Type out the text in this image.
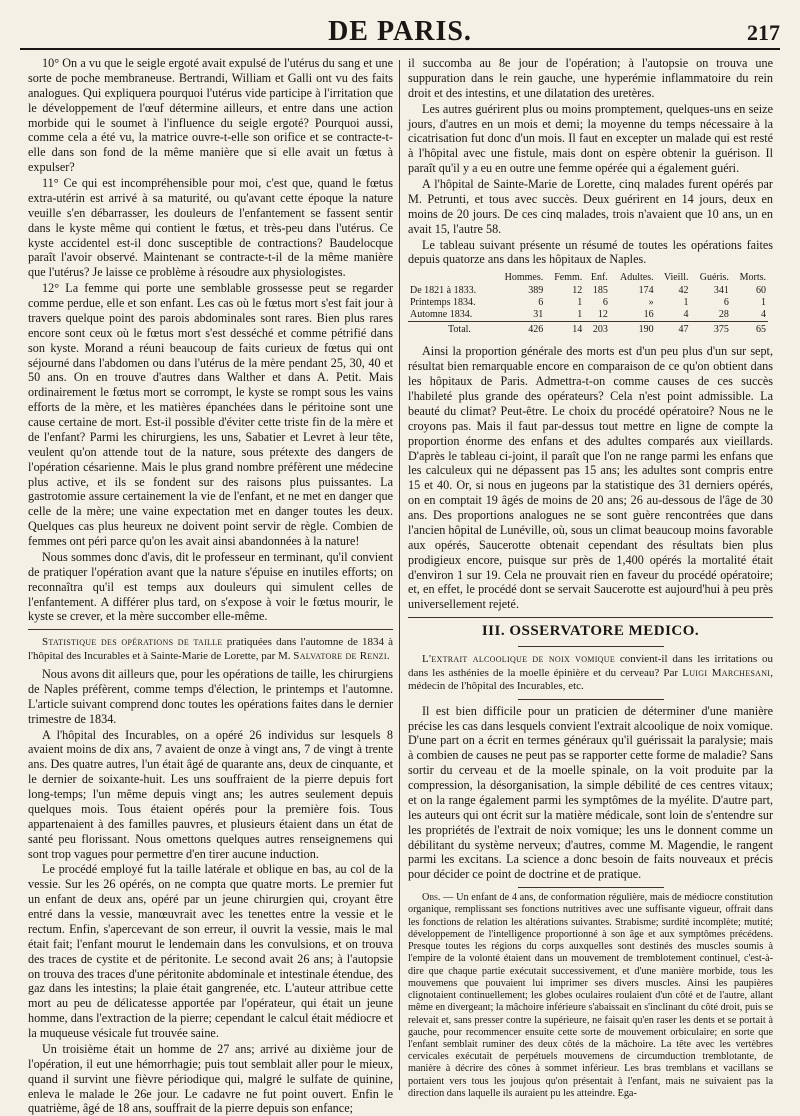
DE PARIS.	217

10° On a vu que le seigle ergoté avait expulsé de l'utérus du sang et une sorte de poche membraneuse. Bertrandi, William et Galli ont vu des faits analogues. Qui expliquera pourquoi l'utérus vide participe à l'irritation que le développement de l'œuf détermine ailleurs, et entre dans une action morbide qui le soumet à l'influence du seigle ergoté? Pourquoi aussi, comme cela a été vu, la matrice ouvre-t-elle son orifice et se contracte-t-elle dans son fond de la même manière que si elle avait un fœtus à expulser?

11° Ce qui est incompréhensible pour moi, c'est que, quand le fœtus extra-utérin est arrivé à sa maturité, ou qu'avant cette époque la nature veuille s'en débarrasser, les douleurs de l'enfantement se fassent sentir dans le kyste même qui contient le fœtus, et très-peu dans l'utérus. Ce kyste accidentel est-il donc susceptible de contractions? Baudelocque paraît l'avoir observé. Maintenant se contracte-t-il de la même manière que l'utérus? Je laisse ce problème à résoudre aux physiologistes.

12° La femme qui porte une semblable grossesse peut se regarder comme perdue, elle et son enfant. Les cas où le fœtus mort s'est fait jour à travers quelque point des parois abdominales sont rares. Bien plus rares encore sont ceux où le fœtus mort s'est desséché et comme pétrifié dans son kyste. Morand a réuni beaucoup de faits curieux de fœtus qui ont séjourné dans l'abdomen ou dans l'utérus de la mère pendant 25, 30, 40 et 50 ans. On en trouve d'autres dans Walther et dans A. Petit. Mais ordinairement le fœtus mort se corrompt, le kyste se rompt sous les vains efforts de la mère, et les matières épanchées dans le péritoine sont une cause certaine de mort. Est-il possible d'éviter cette triste fin de la mère et de l'enfant? Parmi les chirurgiens, les uns, Sabatier et Levret à leur tête, veulent qu'on attende tout de la nature, sous prétexte des dangers de l'opération césarienne. Mais le plus grand nombre préfèrent une médecine plus active, et ils se fondent sur des raisons plus puissantes. La gastrotomie assure certainement la vie de l'enfant, et ne met en danger que celle de la mère; une vaine expectation met en danger toutes les deux. Quelques cas plus heureux ne doivent point servir de règle. Combien de femmes ont péri parce qu'on les avait ainsi abandonnées à la nature!

Nous sommes donc d'avis, dit le professeur en terminant, qu'il convient de pratiquer l'opération avant que la nature s'épuise en inutiles efforts; on reconnaîtra qu'il est temps aux douleurs qui simulent celles de l'enfantement. A différer plus tard, on s'expose à voir le fœtus mourir, le kyste se crever, et la mère succomber elle-même.

Statistique des opérations de taille pratiquées dans l'automne de 1834 à l'hôpital des Incurables et à Sainte-Marie de Lorette, par M. Salvatore de Renzi.

Nous avons dit ailleurs que, pour les opérations de taille, les chirurgiens de Naples préfèrent, comme temps d'élection, le printemps et l'automne. L'article suivant comprend donc toutes les opérations faites dans le dernier trimestre de 1834.

A l'hôpital des Incurables, on a opéré 26 individus sur lesquels 8 avaient moins de dix ans, 7 avaient de onze à vingt ans, 7 de vingt à trente ans. Des quatre autres, l'un était âgé de quarante ans, deux de cinquante, et le dernier de soixante-huit. Les uns souffraient de la pierre depuis fort long-temps; l'un même depuis vingt ans; les autres seulement depuis quelques mois. Tous étaient opérés pour la première fois. Tous appartenaient à des familles pauvres, et plusieurs étaient dans un état de santé peu florissant. Nous omettons quelques autres renseignemens qui sont trop vagues pour permettre d'en tirer aucune induction.

Le procédé employé fut la taille latérale et oblique en bas, au col de la vessie. Sur les 26 opérés, on ne compta que quatre morts. Le premier fut un enfant de deux ans, opéré par un jeune chirurgien qui, croyant être entré dans la vessie, manœuvrait avec les tenettes entre la vessie et le rectum. Enfin, s'apercevant de son erreur, il ouvrit la vessie, mais le mal était fait; l'enfant mourut le lendemain dans les convulsions, et on trouva des traces de cystite et de péritonite. Le second avait 26 ans; à l'autopsie on trouva des traces d'une péritonite abdominale et intestinale étendue, des gaz dans les intestins; la plaie était gangrenée, etc. L'auteur attribue cette mort au peu de délicatesse apportée par l'opérateur, qui était un jeune homme, dans l'extraction de la pierre; cependant le calcul était médiocre et la muqueuse vésicale fut trouvée saine.

Un troisième était un homme de 27 ans; arrivé au dixième jour de l'opération, il eut une hémorrhagie; puis tout semblait aller pour le mieux, quand il survint une fièvre périodique qui, malgré le sulfate de quinine, enleva le malade le 26e jour. Le cadavre ne fut point ouvert. Enfin le quatrième, âgé de 18 ans, souffrait de la pierre depuis son enfance;

il succomba au 8e jour de l'opération; à l'autopsie on trouva une suppuration dans le rein gauche, une hyperémie inflammatoire du rein droit et des intestins, et une dilatation des uretères.

Les autres guérirent plus ou moins promptement, quelques-uns en seize jours, d'autres en un mois et demi; la moyenne du temps nécessaire à la cicatrisation fut donc d'un mois. Il faut en excepter un malade qui est resté à l'hôpital avec une fistule, mais dont on espère obtenir la guérison. Il paraît qu'il y a eu en outre une femme opérée qui a également guéri.

A l'hôpital de Sainte-Marie de Lorette, cinq malades furent opérés par M. Petrunti, et tous avec succès. Deux guérirent en 14 jours, deux en moins de 20 jours. De ces cinq malades, trois n'avaient que 10 ans, un en avait 15, l'autre 58.

Le tableau suivant présente un résumé de toutes les opérations faites depuis quatorze ans dans les hôpitaux de Naples.

	Hommes.	Femm.	Enf.	Adultes.	Vieill.	Guéris.	Morts.
De 1821 à 1833.	389	12	185	174	42	341	60
Printemps 1834.	6	1	6	»	1	6	1
Automne 1834.	31	1	12	16	4	28	4
Total.	426	14	203	190	47	375	65

Ainsi la proportion générale des morts est d'un peu plus d'un sur sept, résultat bien remarquable encore en comparaison de ce qu'on obtient dans les hôpitaux de Paris. Admettra-t-on comme causes de ces succès l'habileté plus grande des opérateurs? Cela n'est point admissible. La beauté du climat? Peut-être. Le choix du procédé opératoire? Nous ne le croyons pas. Mais il faut par-dessus tout mettre en ligne de compte la proportion énorme des enfans et des adultes comparés aux vieillards. D'après le tableau ci-joint, il paraît que l'on ne range parmi les enfans que les calculeux qui ne dépassent pas 15 ans; les adultes sont compris entre 15 et 40. Or, si nous en jugeons par la statistique des 31 derniers opérés, on en comptait 19 âgés de moins de 20 ans; 26 au-dessous de l'âge de 30 ans. Des proportions analogues ne se sont guère rencontrées que dans l'ancien hôpital de Lunéville, où, sous un climat beaucoup moins favorable aux opérés, Saucerotte obtenait cependant des résultats bien plus prodigieux encore, puisque sur près de 1,400 opérés la mortalité était d'environ 1 sur 19. Cela ne prouvait rien en faveur du procédé opératoire; et, en effet, le procédé dont se servait Saucerotte est aujourd'hui à peu près universellement rejeté.

III. OSSERVATORE MEDICO.

L'extrait alcoolique de noix vomique convient-il dans les irritations ou dans les asthénies de la moelle épinière et du cerveau? Par Luigi Marchesani, médecin de l'hôpital des Incurables, etc.

Il est bien difficile pour un praticien de déterminer d'une manière précise les cas dans lesquels convient l'extrait alcoolique de noix vomique. D'une part on a écrit en termes généraux qu'il guérissait la paralysie; mais à combien de causes ne peut pas se rapporter cette forme de maladie? Sans sortir du cerveau et de la moelle spinale, on la voit produite par la compression, la désorganisation, la simple débilité de ces centres vitaux; et on la range également parmi les symptômes de la myélite. D'autre part, les auteurs qui ont écrit sur la matière médicale, sont loin de s'entendre sur les propriétés de l'extrait de noix vomique; les uns le donnent comme un débilitant du système nerveux; d'autres, comme M. Magendie, le rangent parmi les excitans. La science a donc besoin de faits nouveaux et précis pour décider ce point de doctrine et de pratique.

Obs. — Un enfant de 4 ans, de conformation régulière, mais de médiocre constitution organique, remplissant ses fonctions nutritives avec une suffisante vigueur, offrait dans les fonctions de relation les altérations suivantes. Strabisme; surdité incomplète; mutité; développement de l'intelligence proportionné à son âge et aux symptômes précédens. Presque toutes les régions du corps auxquelles sont destinés des muscles soumis à l'empire de la volonté étaient dans un mouvement de tremblotement continuel, c'est-à-dire que chaque partie exécutait successivement, et d'une manière morbide, tous les mouvemens que pouvaient lui imprimer ses divers muscles. Ainsi les paupières clignotaient continuellement; les globes oculaires roulaient d'un côté et de l'autre, allant même en divergeant; la mâchoire inférieure s'abaissait en s'inclinant du côté droit, puis se relevait et, sans presser contre la supérieure, ne faisait qu'en raser les dents et se portait à gauche, pour recommencer ensuite cette sorte de mouvement orbiculaire; en sorte que l'enfant semblait ruminer des deux côtés de la mâchoire. La tête avec les vertèbres cervicales exécutait de perpétuels mouvemens de circumduction tremblotante, de manière à décrire des cônes à sommet inférieur. Les bras tremblans et vacillans se portaient vers tous les joujous qu'on présentait à l'enfant, mais ne suivaient pas la direction dans laquelle ils auraient pu les atteindre. Ega-
